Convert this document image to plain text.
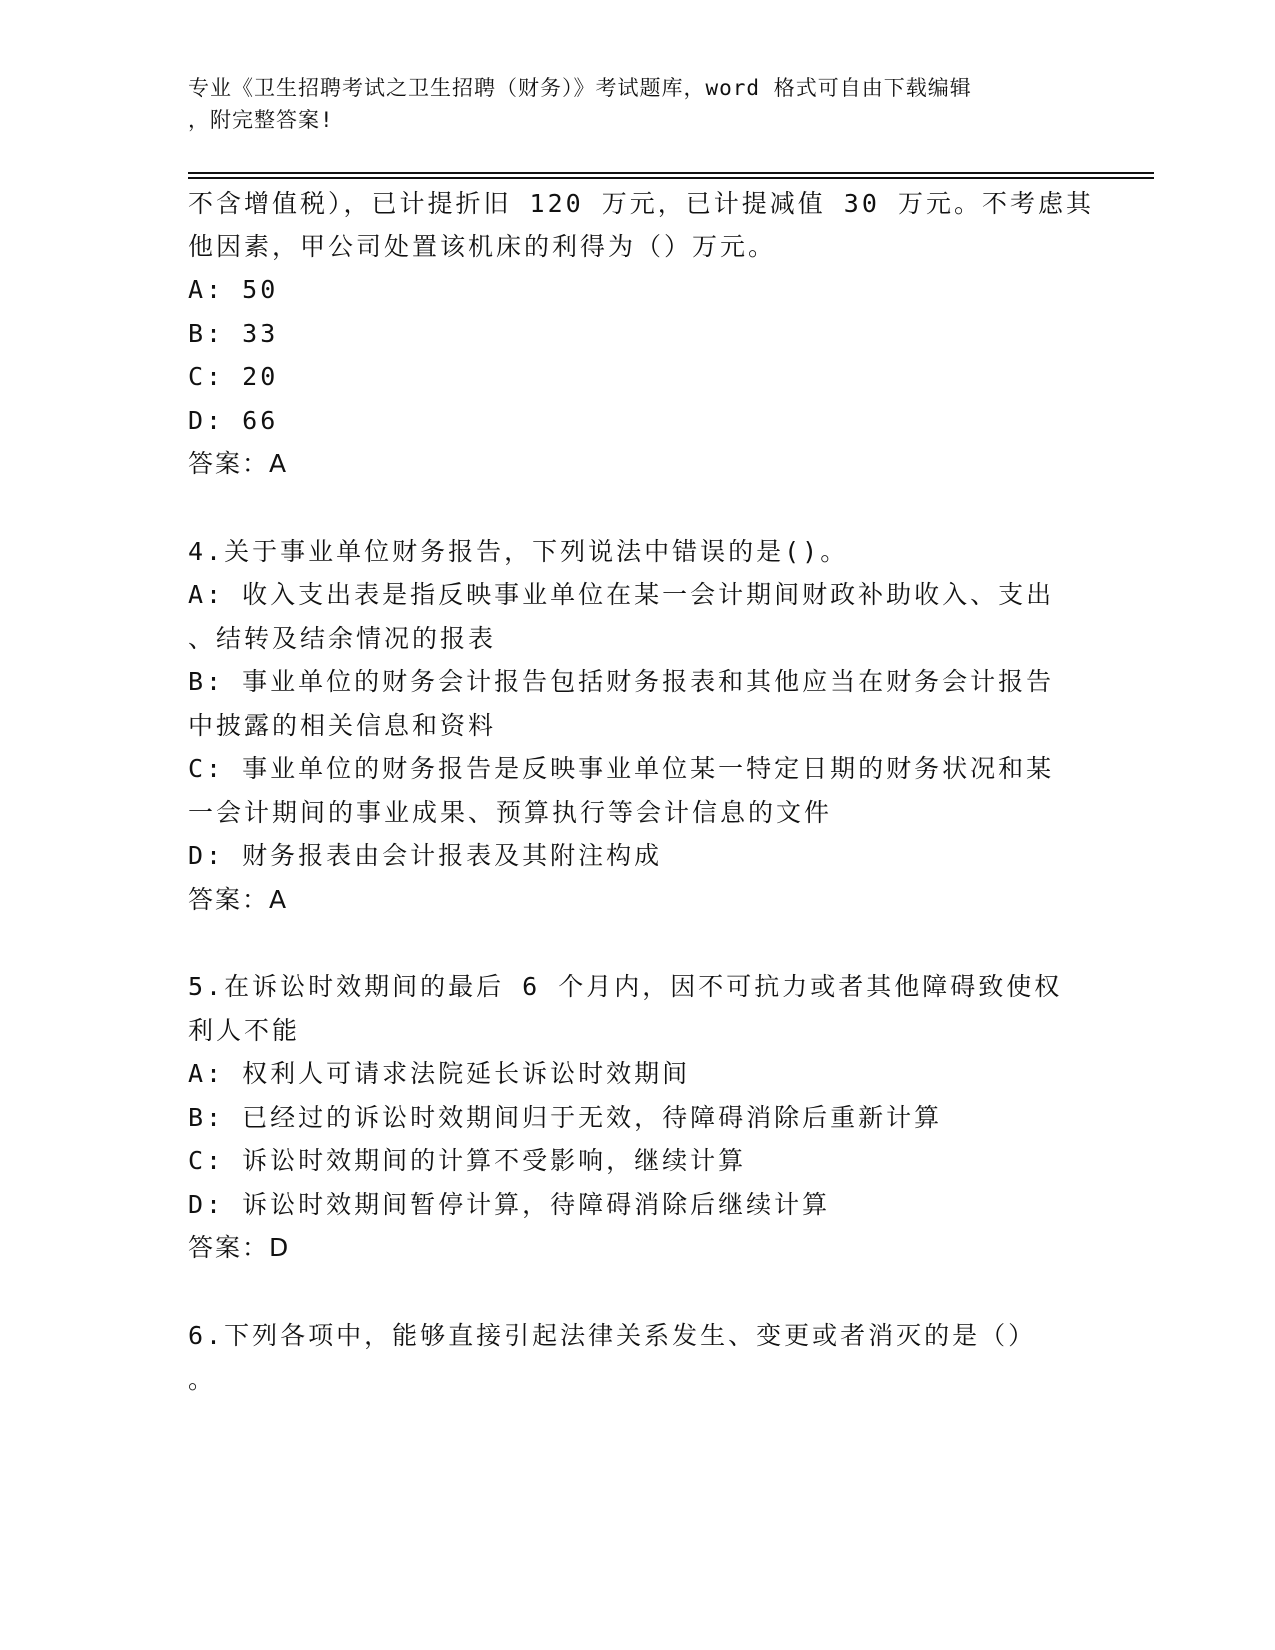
专业《卫生招聘考试之卫生招聘（财务）》考试题库，word 格式可自由下载编辑
，附完整答案!
不含增值税），已计提折旧 120 万元，已计提减值 30 万元。不考虑其
他因素，甲公司处置该机床的利得为（）万元。
A: 50
B: 33
C: 20
D: 66
答案：A
4.关于事业单位财务报告，下列说法中错误的是()。
A: 收入支出表是指反映事业单位在某一会计期间财政补助收入、支出
、结转及结余情况的报表
B: 事业单位的财务会计报告包括财务报表和其他应当在财务会计报告
中披露的相关信息和资料
C: 事业单位的财务报告是反映事业单位某一特定日期的财务状况和某
一会计期间的事业成果、预算执行等会计信息的文件
D: 财务报表由会计报表及其附注构成
答案：A
5.在诉讼时效期间的最后 6 个月内，因不可抗力或者其他障碍致使权
利人不能
A: 权利人可请求法院延长诉讼时效期间
B: 已经过的诉讼时效期间归于无效，待障碍消除后重新计算
C: 诉讼时效期间的计算不受影响，继续计算
D: 诉讼时效期间暂停计算，待障碍消除后继续计算
答案：D
6.下列各项中，能够直接引起法律关系发生、变更或者消灭的是（）
。
